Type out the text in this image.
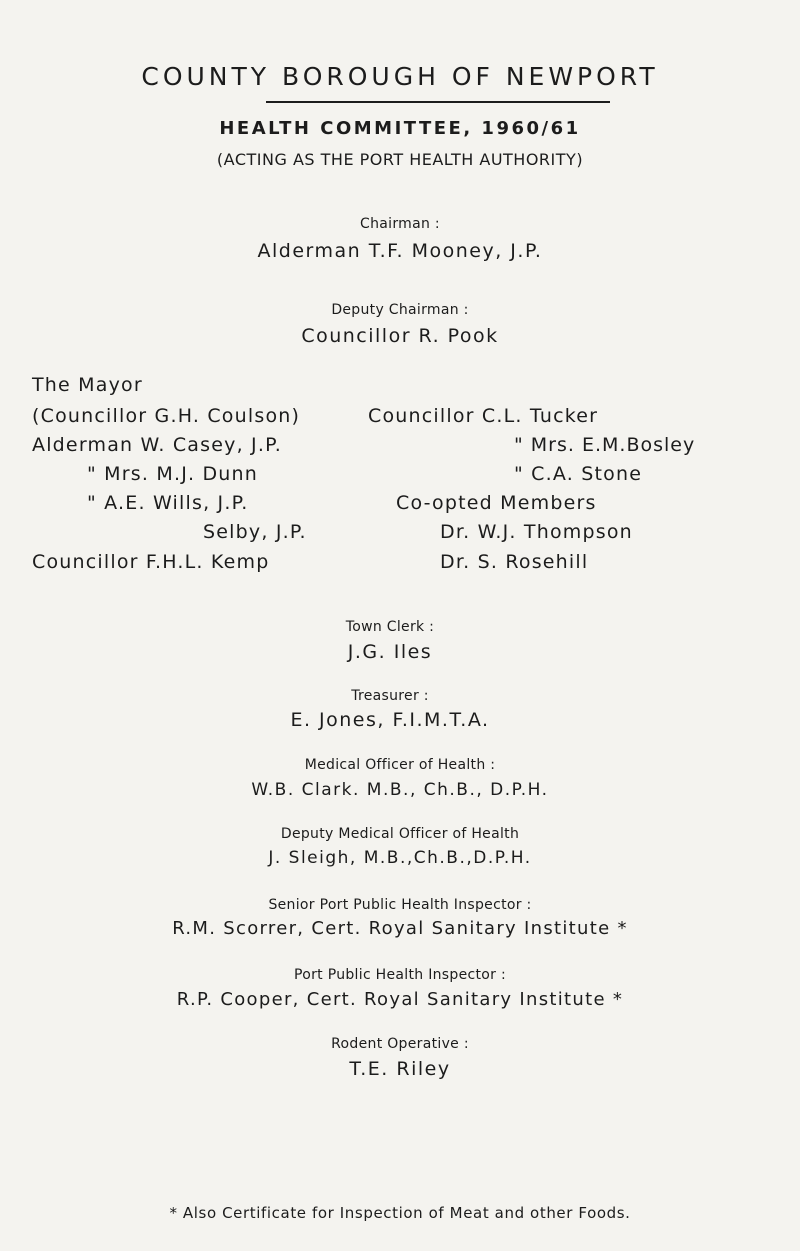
COUNTY BOROUGH OF NEWPORT
HEALTH COMMITTEE, 1960/61
(ACTING AS THE PORT HEALTH AUTHORITY)
Chairman :
Alderman T.F. Mooney, J.P.
Deputy Chairman :
Councillor R. Pook
The Mayor
(Councillor G.H. Coulson)
Alderman W. Casey, J.P.
" Mrs. M.J. Dunn
" A.E. Wills, J.P.
Selby, J.P.
Councillor F.H.L. Kemp
Councillor C.L. Tucker
" Mrs. E.M.Bosley
" C.A. Stone
Co-opted Members
Dr. W.J. Thompson
Dr. S. Rosehill
Town Clerk :
J.G. Iles
Treasurer :
E. Jones, F.I.M.T.A.
Medical Officer of Health :
W.B. Clark. M.B., Ch.B., D.P.H.
Deputy Medical Officer of Health
J. Sleigh, M.B.,Ch.B.,D.P.H.
Senior Port Public Health Inspector :
R.M. Scorrer, Cert. Royal Sanitary Institute *
Port Public Health Inspector :
R.P. Cooper, Cert. Royal Sanitary Institute *
Rodent Operative :
T.E. Riley
* Also Certificate for Inspection of Meat and other Foods.
